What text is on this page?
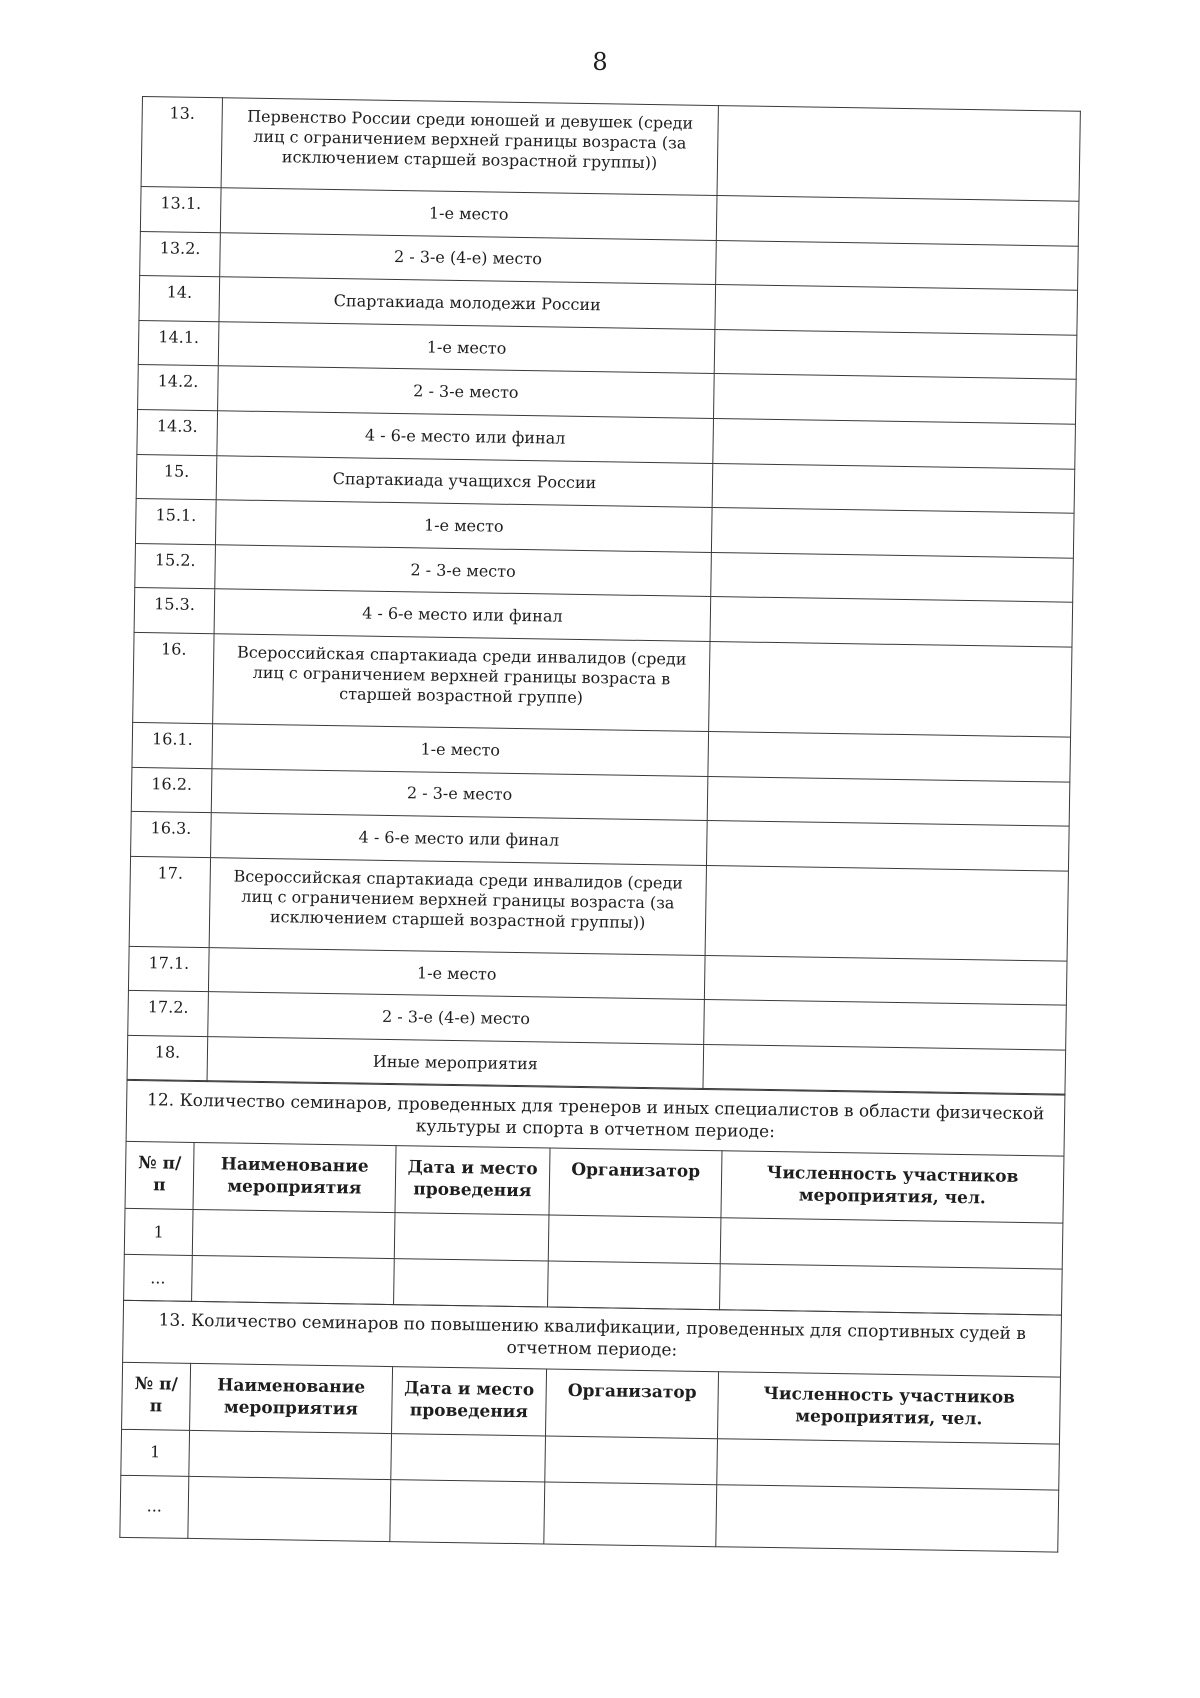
8
13.	Первенство России среди юношей и девушек (среди лиц с ограничением верхней границы возраста (за исключением старшей возрастной группы))	
13.1.	1-е место	
13.2.	2 - 3-е (4-е) место	
14.	Спартакиада молодежи России	
14.1.	1-е место	
14.2.	2 - 3-е место	
14.3.	4 - 6-е место или финал	
15.	Спартакиада учащихся России	
15.1.	1-е место	
15.2.	2 - 3-е место	
15.3.	4 - 6-е место или финал	
16.	Всероссийская спартакиада среди инвалидов (среди лиц с ограничением верхней границы возраста в старшей возрастной группе)	
16.1.	1-е место	
16.2.	2 - 3-е место	
16.3.	4 - 6-е место или финал	
17.	Всероссийская спартакиада среди инвалидов (среди лиц с ограничением верхней границы возраста (за исключением старшей возрастной группы))	
17.1.	1-е место	
17.2.	2 - 3-е (4-е) место	
18.	Иные мероприятия	
12. Количество семинаров, проведенных для тренеров и иных специалистов в области физической культуры и спорта в отчетном периоде:				
№ п/п	Наименование мероприятия	Дата и место проведения	Организатор	Численность участников мероприятия, чел.
1				
...				
13. Количество семинаров по повышению квалификации, проведенных для спортивных судей в отчетном периоде:				
№ п/п	Наименование мероприятия	Дата и место проведения	Организатор	Численность участников мероприятия, чел.
1				
...				
